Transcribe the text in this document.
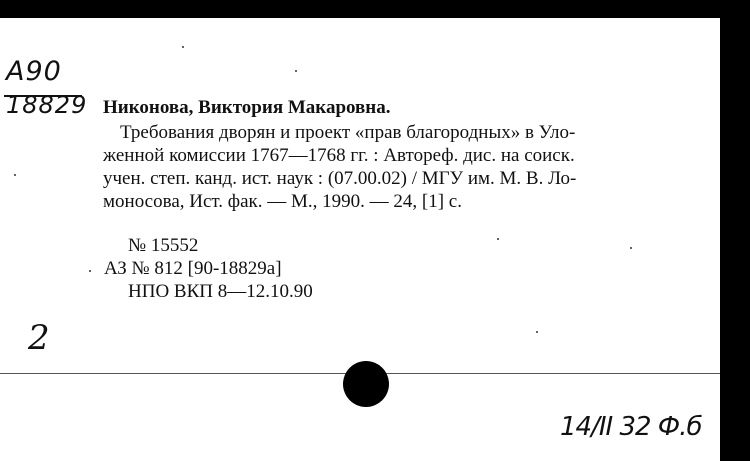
A90
18829 Никонова, Виктория Макаровна.
Требования дворян и проект «прав благородных» в Уло-
женной комиссии 1767—1768 гг. : Автореф. дис. на соиск.
учен. степ. канд. ист. наук : (07.00.02) / МГУ им. М. В. Ло-
моносова, Ист. фак. — М., 1990. — 24, [1] с.
№ 15552
АЗ № 812 [90-18829а]
НПО ВКП 8—12.10.90
2
14/II 32 Ф.б
